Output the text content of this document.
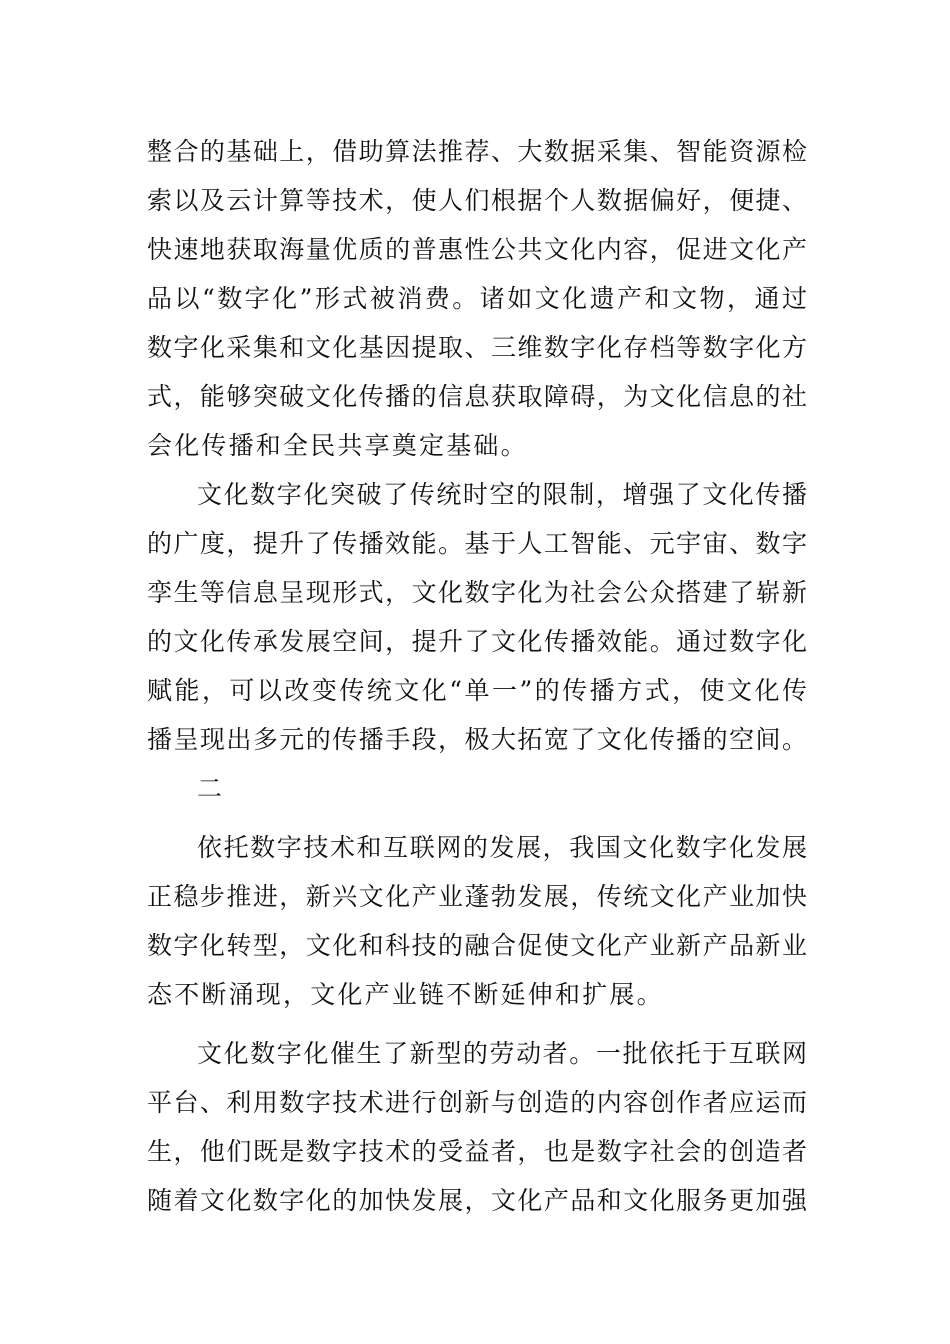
整合的基础上，借助算法推荐、大数据采集、智能资源检
索以及云计算等技术，使人们根据个人数据偏好，便捷、
快速地获取海量优质的普惠性公共文化内容，促进文化产
品以“数字化”形式被消费。诸如文化遗产和文物，通过
数字化采集和文化基因提取、三维数字化存档等数字化方
式，能够突破文化传播的信息获取障碍，为文化信息的社
会化传播和全民共享奠定基础。
文化数字化突破了传统时空的限制，增强了文化传播
的广度，提升了传播效能。基于人工智能、元宇宙、数字
孪生等信息呈现形式，文化数字化为社会公众搭建了崭新
的文化传承发展空间，提升了文化传播效能。通过数字化
赋能，可以改变传统文化“单一”的传播方式，使文化传
播呈现出多元的传播手段，极大拓宽了文化传播的空间。
二
依托数字技术和互联网的发展，我国文化数字化发展
正稳步推进，新兴文化产业蓬勃发展，传统文化产业加快
数字化转型，文化和科技的融合促使文化产业新产品新业
态不断涌现，文化产业链不断延伸和扩展。
文化数字化催生了新型的劳动者。一批依托于互联网
平台、利用数字技术进行创新与创造的内容创作者应运而
生，他们既是数字技术的受益者，也是数字社会的创造者
随着文化数字化的加快发展，文化产品和文化服务更加强
